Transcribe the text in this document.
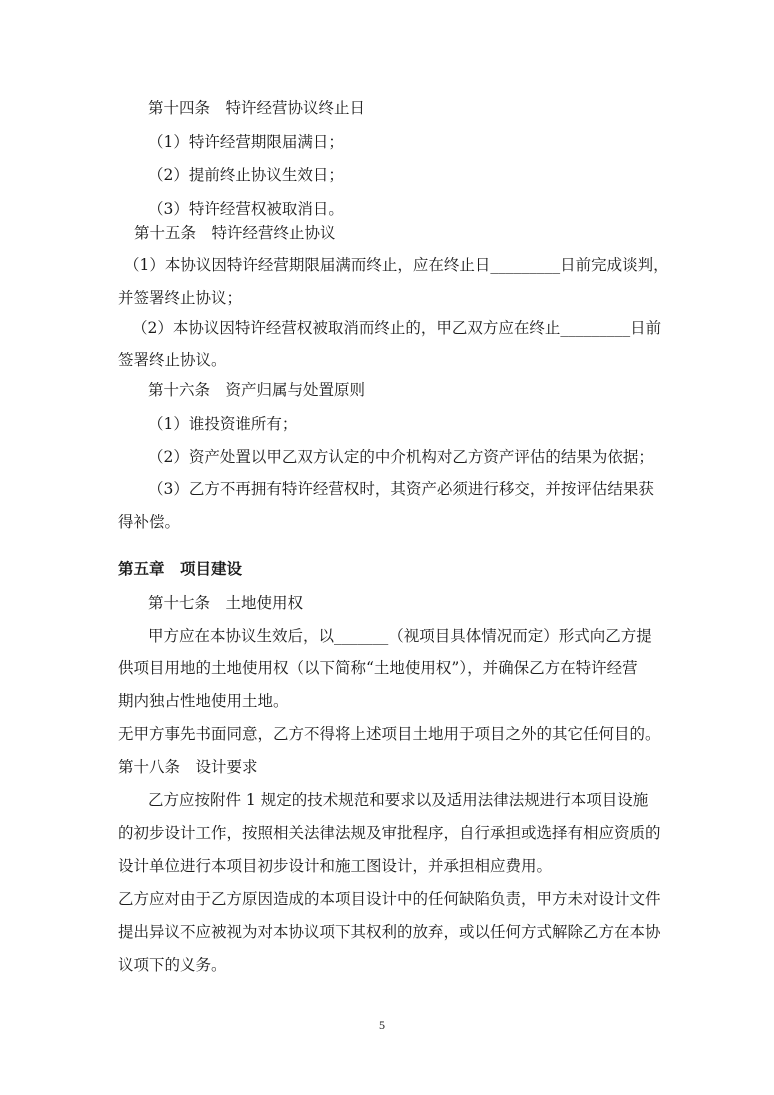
第十四条　特许经营协议终止日
（1）特许经营期限届满日；
（2）提前终止协议生效日；
（3）特许经营权被取消日。
第十五条　特许经营终止协议
（1）本协议因特许经营期限届满而终止，应在终止日_________日前完成谈判，
并签署终止协议；
（2）本协议因特许经营权被取消而终止的，甲乙双方应在终止_________日前
签署终止协议。
第十六条　资产归属与处置原则
（1）谁投资谁所有；
（2）资产处置以甲乙双方认定的中介机构对乙方资产评估的结果为依据；
（3）乙方不再拥有特许经营权时，其资产必须进行移交，并按评估结果获
得补偿。
第五章　项目建设
第十七条　土地使用权
甲方应在本协议生效后，以_______（视项目具体情况而定）形式向乙方提
供项目用地的土地使用权（以下简称“土地使用权”），并确保乙方在特许经营
期内独占性地使用土地。
无甲方事先书面同意，乙方不得将上述项目土地用于项目之外的其它任何目的。
第十八条　设计要求
乙方应按附件 1 规定的技术规范和要求以及适用法律法规进行本项目设施
的初步设计工作，按照相关法律法规及审批程序，自行承担或选择有相应资质的
设计单位进行本项目初步设计和施工图设计，并承担相应费用。
乙方应对由于乙方原因造成的本项目设计中的任何缺陷负责，甲方未对设计文件
提出异议不应被视为对本协议项下其权利的放弃，或以任何方式解除乙方在本协
议项下的义务。
5
